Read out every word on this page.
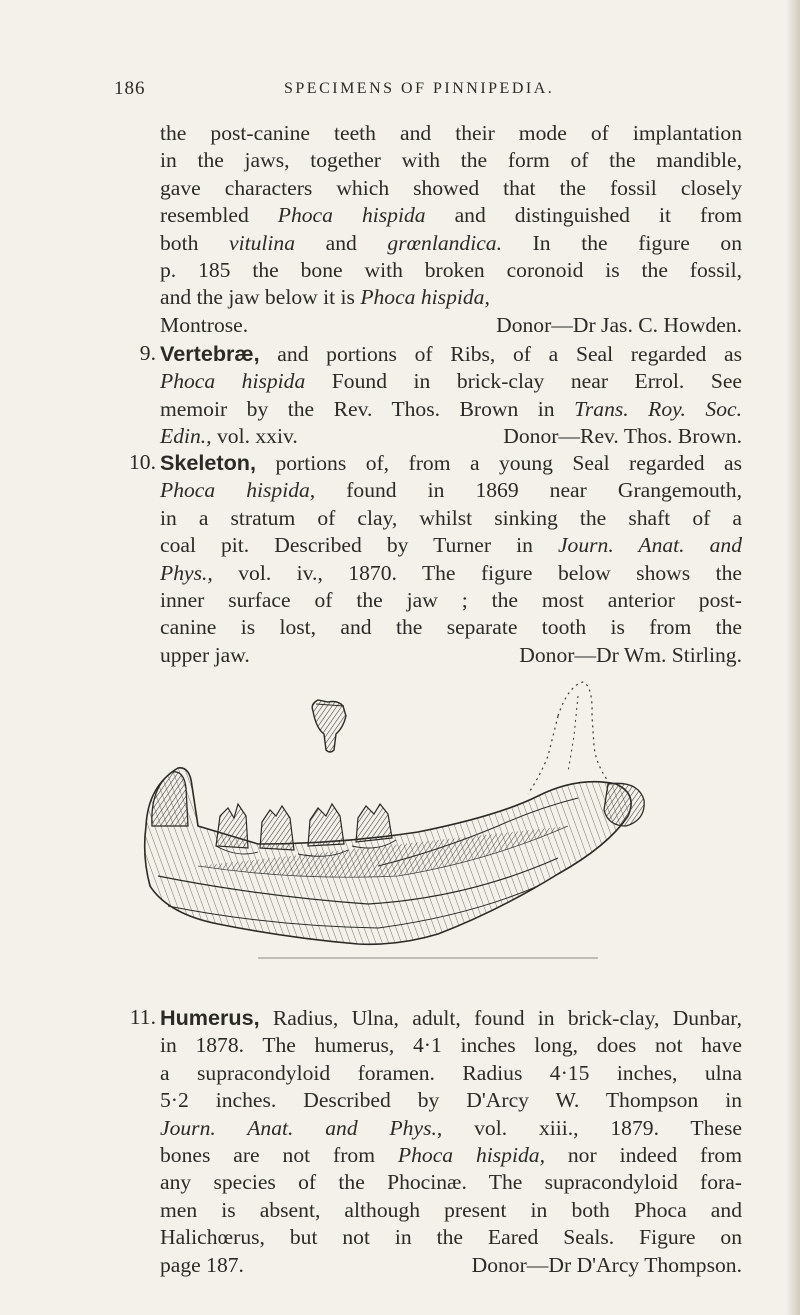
186	SPECIMENS OF PINNIPEDIA.
the post-canine teeth and their mode of implantation
in the jaws, together with the form of the mandible,
gave characters which showed that the fossil closely
resembled Phoca hispida and distinguished it from
both vitulina and grœnlandica. In the figure on
p. 185 the bone with broken coronoid is the fossil,
and the jaw below it is Phoca hispida,
Montrose.	Donor—Dr Jas. C. Howden.
9. Vertebræ, and portions of Ribs, of a Seal regarded as
Phoca hispida Found in brick-clay near Errol. See
memoir by the Rev. Thos. Brown in Trans. Roy. Soc.
Edin., vol. xxiv.	Donor—Rev. Thos. Brown.
10. Skeleton, portions of, from a young Seal regarded as
Phoca hispida, found in 1869 near Grangemouth,
in a stratum of clay, whilst sinking the shaft of a
coal pit. Described by Turner in Journ. Anat. and
Phys., vol. iv., 1870. The figure below shows the
inner surface of the jaw ; the most anterior post-
canine is lost, and the separate tooth is from the
upper jaw.	Donor—Dr Wm. Stirling.
11. Humerus, Radius, Ulna, adult, found in brick-clay, Dunbar,
in 1878. The humerus, 4·1 inches long, does not have
a supracondyloid foramen. Radius 4·15 inches, ulna
5·2 inches. Described by D'Arcy W. Thompson in
Journ. Anat. and Phys., vol. xiii., 1879. These
bones are not from Phoca hispida, nor indeed from
any species of the Phocinæ. The supracondyloid fora-
men is absent, although present in both Phoca and
Halichœrus, but not in the Eared Seals. Figure on
page 187.	Donor—Dr D'Arcy Thompson.
